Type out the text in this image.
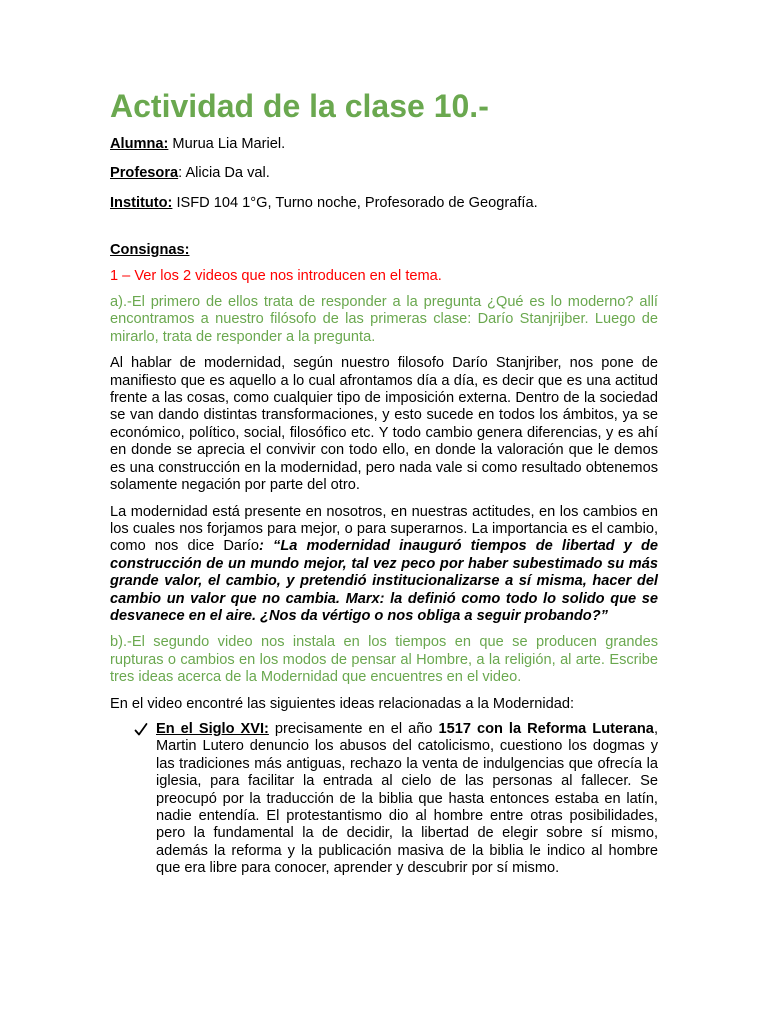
Actividad de la clase 10.-
Alumna: Murua Lia Mariel.
Profesora: Alicia Da val.
Instituto: ISFD 104 1°G, Turno noche, Profesorado de Geografía.
Consignas:
1 – Ver los 2 videos que nos introducen en el tema.
a).-El primero de ellos trata de responder a la pregunta ¿Qué es lo moderno? allí encontramos a nuestro filósofo de las primeras clase: Darío Stanjrijber. Luego de mirarlo, trata de responder a la pregunta.
Al hablar de modernidad, según nuestro filosofo Darío Stanjriber, nos pone de manifiesto que es aquello a lo cual afrontamos día a día, es decir que es una actitud frente a las cosas, como cualquier tipo de imposición externa. Dentro de la sociedad se van dando distintas transformaciones, y esto sucede en todos los ámbitos, ya se económico, político, social, filosófico etc. Y todo cambio genera diferencias, y es ahí en donde se aprecia el convivir con todo ello, en donde la valoración que le demos es una construcción en la modernidad, pero nada vale si como resultado obtenemos solamente negación por parte del otro.
La modernidad está presente en nosotros, en nuestras actitudes, en los cambios en los cuales nos forjamos para mejor, o para superarnos. La importancia es el cambio, como nos dice Darío: “La modernidad inauguró tiempos de libertad y de construcción de un mundo mejor, tal vez peco por haber subestimado su más grande valor, el cambio, y pretendió institucionalizarse a sí misma, hacer del cambio un valor que no cambia. Marx: la definió como todo lo solido que se desvanece en el aire. ¿Nos da vértigo o nos obliga a seguir probando?”
b).-El segundo video nos instala en los tiempos en que se producen grandes rupturas o cambios en los modos de pensar al Hombre, a la religión, al arte. Escribe tres ideas acerca de la Modernidad que encuentres en el video.
En el video encontré las siguientes ideas relacionadas a la Modernidad:
En el Siglo XVI: precisamente en el año 1517 con la Reforma Luterana, Martin Lutero denuncio los abusos del catolicismo, cuestiono los dogmas y las tradiciones más antiguas, rechazo la venta de indulgencias que ofrecía la iglesia, para facilitar la entrada al cielo de las personas al fallecer. Se preocupó por la traducción de la biblia que hasta entonces estaba en latín, nadie entendía. El protestantismo dio al hombre entre otras posibilidades, pero la fundamental la de decidir, la libertad de elegir sobre sí mismo, además la reforma y la publicación masiva de la biblia le indico al hombre que era libre para conocer, aprender y descubrir por sí mismo.
